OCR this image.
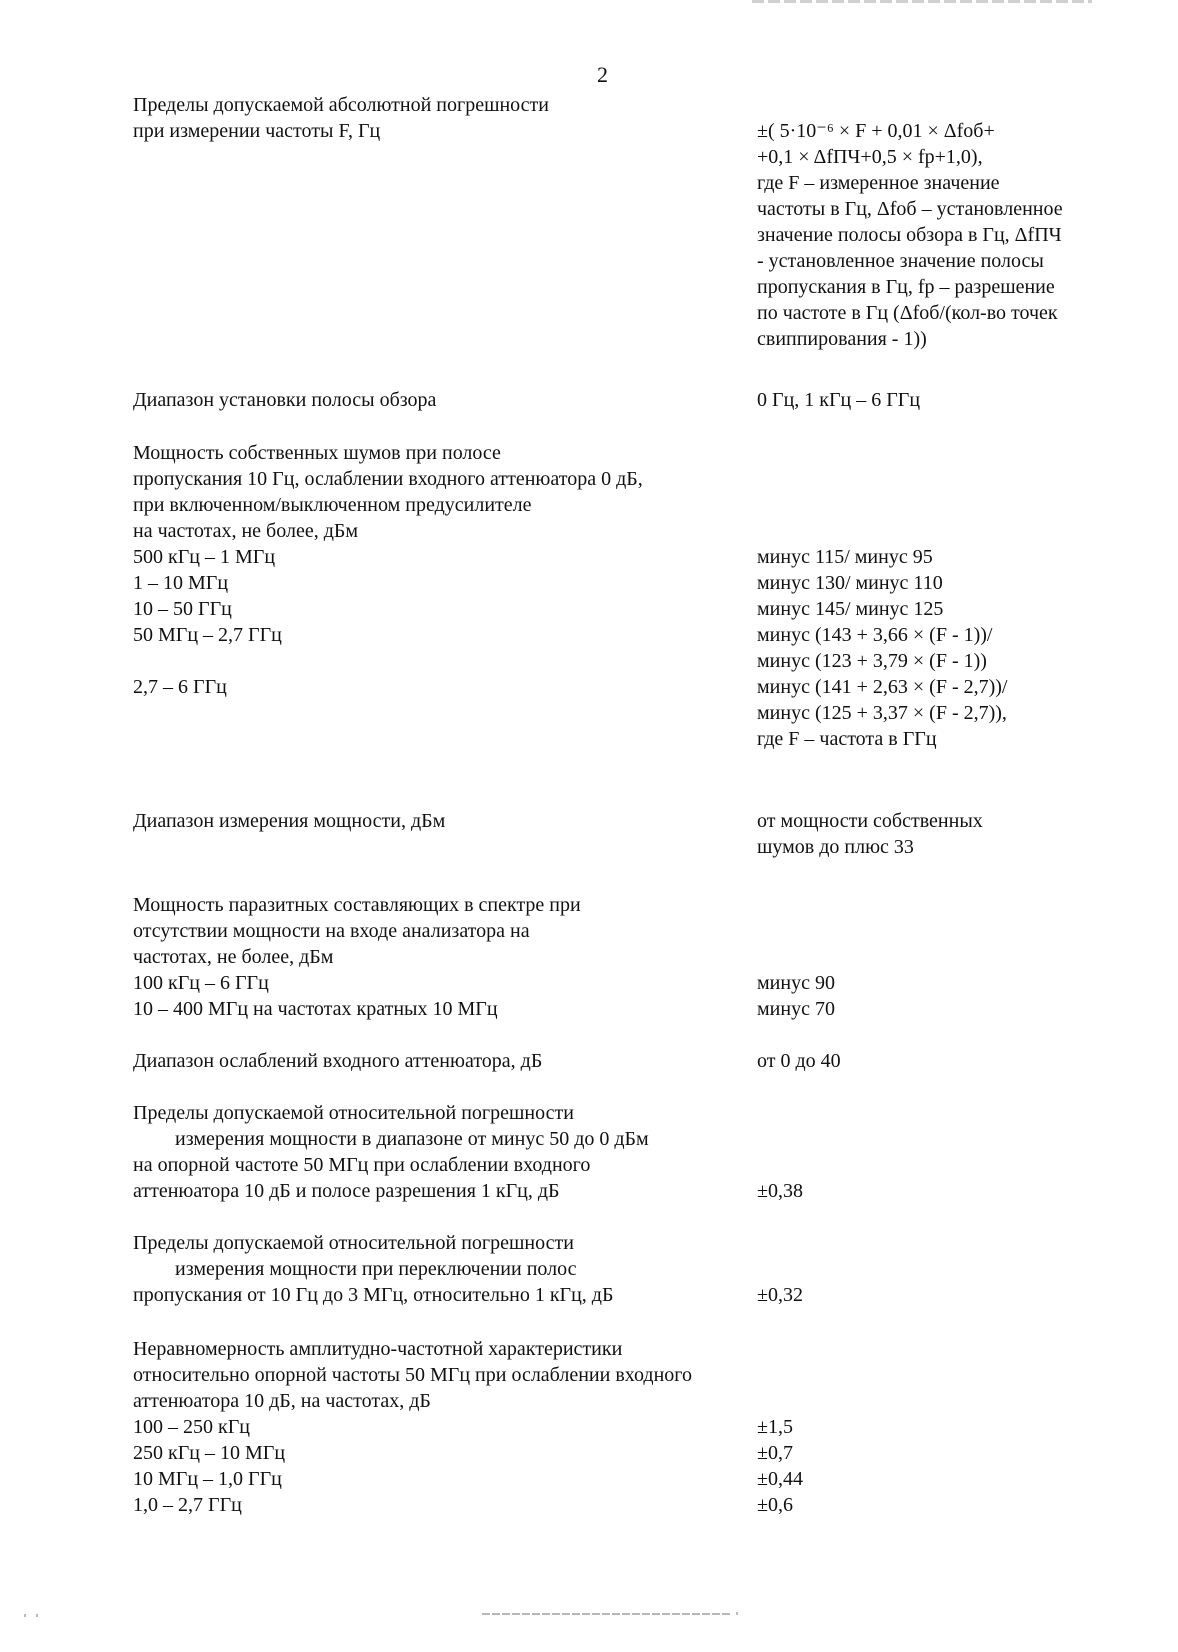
2
Пределы допускаемой абсолютной погрешности
при измерении частоты F, Гц	±( 5·10⁻⁶ × F + 0,01 × Δfоб+
+0,1 × ΔfПЧ+0,5 × fр+1,0),
где F – измеренное значение
частоты в Гц, Δfоб – установленное
значение полосы обзора в Гц, ΔfПЧ
- установленное значение полосы
пропускания в Гц, fр – разрешение
по частоте в Гц (Δfоб/(кол-во точек
свиппирования - 1))
Диапазон установки полосы обзора	0 Гц, 1 кГц – 6 ГГц
Мощность собственных шумов при полосе
пропускания 10 Гц, ослаблении входного аттенюатора 0 дБ,
при включенном/выключенном предусилителе
на частотах, не более, дБм
500 кГц – 1 МГц	минус 115/ минус 95
1 – 10 МГц	минус 130/ минус 110
10 – 50 ГГц	минус 145/ минус 125
50 МГц – 2,7 ГГц	минус (143 + 3,66 × (F - 1))/
минус (123 + 3,79 × (F - 1))
2,7 – 6 ГГц	минус (141 + 2,63 × (F - 2,7))/
минус (125 + 3,37 × (F - 2,7)),
где F – частота в ГГц
Диапазон измерения мощности, дБм	от мощности собственных
шумов до плюс 33
Мощность паразитных составляющих в спектре при
отсутствии мощности на входе анализатора на
частотах, не более, дБм
100 кГц – 6 ГГц	минус 90
10 – 400 МГц на частотах кратных 10 МГц	минус 70
Диапазон ослаблений входного аттенюатора, дБ	от 0 до 40
Пределы допускаемой относительной погрешности
измерения мощности в диапазоне от минус 50 до 0 дБм
на опорной частоте 50 МГц при ослаблении входного
аттенюатора 10 дБ и полосе разрешения 1 кГц, дБ	±0,38
Пределы допускаемой относительной погрешности
измерения мощности при переключении полос
пропускания от 10 Гц до 3 МГц, относительно 1 кГц, дБ	±0,32
Неравномерность амплитудно-частотной характеристики
относительно опорной частоты 50 МГц при ослаблении входного
аттенюатора 10 дБ, на частотах, дБ
100 – 250 кГц	±1,5
250 кГц – 10 МГц	±0,7
10 МГц – 1,0 ГГц	±0,44
1,0 – 2,7 ГГц	±0,6
